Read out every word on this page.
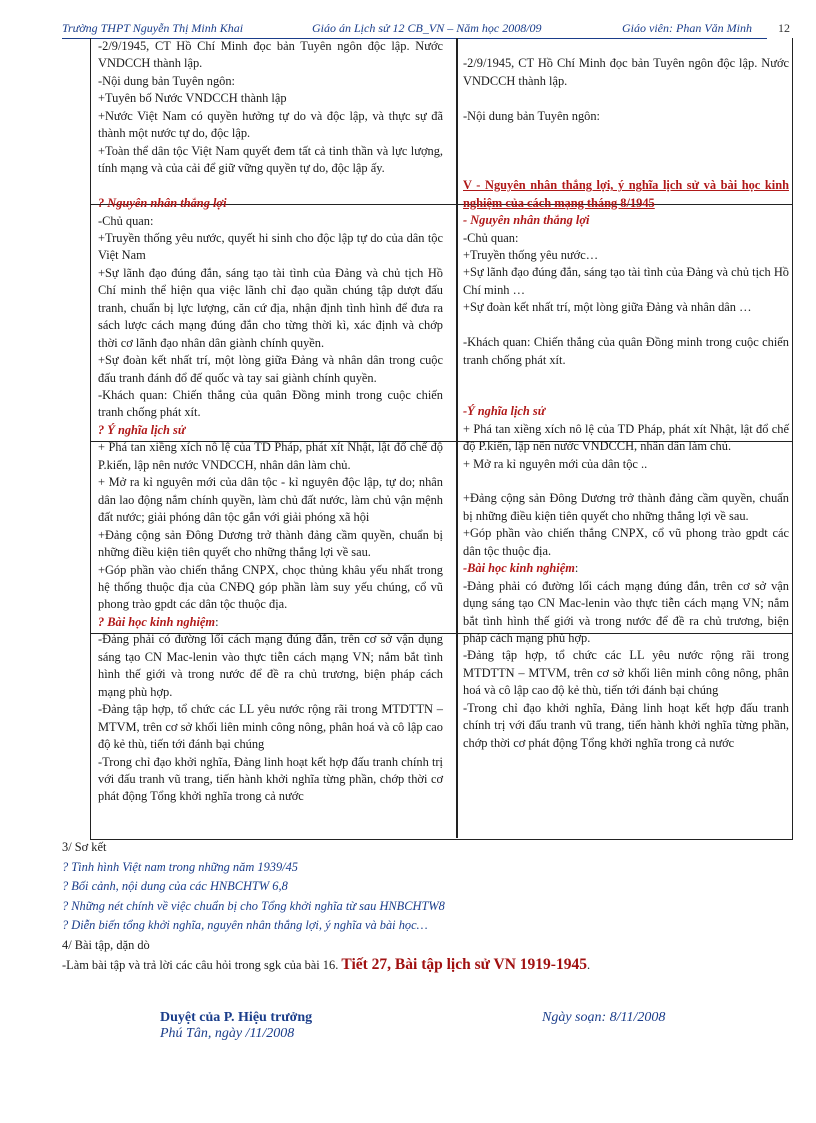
Trường THPT Nguyễn Thị Minh Khai	Giáo án Lịch sử 12 CB_VN – Năm học 2008/09	Giáo viên: Phan Văn Minh 12
-2/9/1945, CT Hồ Chí Minh đọc bản Tuyên ngôn độc lập. Nước VNDCCH thành lập.
-Nội dung bản Tuyên ngôn:
+Tuyên bố Nước VNDCCH thành lập
+Nước Việt Nam có quyền hưởng tự do và độc lập, và thực sự đã thành một nước tự do, độc lập.
+Toàn thể dân tộc Việt Nam quyết đem tất cả tinh thần và lực lượng, tính mạng và của cải để giữ vững quyền tự do, độc lập ấy.
? Nguyên nhân thắng lợi
-Chủ quan:
+Truyền thống yêu nước, quyết hi sinh cho độc lập tự do của dân tộc Việt Nam
+Sự lãnh đạo đúng đắn, sáng tạo tài tình của Đảng và chủ tịch Hồ Chí minh thể hiện qua việc lãnh chỉ đạo quần chúng tập dượt đấu tranh, chuẩn bị lực lượng, căn cứ địa, nhận định tình hình để đưa ra sách lược cách mạng đúng đắn cho từng thời kì, xác định và chớp thời cơ lãnh đạo nhân dân giành chính quyền.
+Sự đoàn kết nhất trí, một lòng giữa Đảng và nhân dân trong cuộc đấu tranh đánh đổ đế quốc và tay sai giành chính quyền.
-Khách quan: Chiến thắng của quân Đồng minh trong cuộc chiến tranh chống phát xít.
? Ý nghĩa lịch sử
+ Phá tan xiềng xích nô lệ của TD Pháp, phát xít Nhật, lật đổ chế độ P.kiến, lập nên nước VNDCCH, nhân dân làm chủ.
+ Mở ra kỉ nguyên mới của dân tộc - kỉ nguyên độc lập, tự do; nhân dân lao động nắm chính quyền, làm chủ đất nước, làm chủ vận mệnh đất nước; giải phóng dân tộc gắn với giải phóng xã hội
+Đảng cộng sản Đông Dương trở thành đảng cầm quyền, chuẩn bị những điều kiện tiên quyết cho những thắng lợi về sau.
+Góp phần vào chiến thắng CNPX, chọc thủng khâu yếu nhất trong hệ thống thuộc địa của CNĐQ góp phần làm suy yếu chúng, cổ vũ phong trào gpdt các dân tộc thuộc địa.
? Bài học kinh nghiệm:
-Đảng phải có đường lối cách mạng đúng đắn, trên cơ sở vận dụng sáng tạo CN Mac-lenin vào thực tiễn cách mạng VN; nắm bắt tình hình thế giới và trong nước để đề ra chủ trương, biện pháp cách mạng phù hợp.
-Đảng tập hợp, tổ chức các LL yêu nước rộng rãi trong MTDTTN – MTVM, trên cơ sở khối liên minh công nông, phân hoá và cô lập cao độ kẻ thù, tiến tới đánh bại chúng
-Trong chỉ đạo khởi nghĩa, Đảng linh hoạt kết hợp đấu tranh chính trị với đấu tranh vũ trang, tiến hành khởi nghĩa từng phần, chớp thời cơ phát động Tổng khởi nghĩa trong cả nước
-2/9/1945, CT Hồ Chí Minh đọc bản Tuyên ngôn độc lập. Nước VNDCCH thành lập.
-Nội dung bản Tuyên ngôn:
V - Nguyên nhân thắng lợi, ý nghĩa lịch sử và bài học kinh nghiệm của cách mạng tháng 8/1945
- Nguyên nhân thắng lợi
-Chủ quan:
+Truyền thống yêu nước…
+Sự lãnh đạo đúng đắn, sáng tạo tài tình của Đảng và chủ tịch Hồ Chí minh …
+Sự đoàn kết nhất trí, một lòng giữa Đảng và nhân dân …
-Khách quan: Chiến thắng của quân Đồng minh trong cuộc chiến tranh chống phát xít.
-Ý nghĩa lịch sử
+ Phá tan xiềng xích nô lệ của TD Pháp, phát xít Nhật, lật đổ chế độ P.kiến, lập nên nước VNDCCH, nhân dân làm chủ.
+ Mở ra kỉ nguyên mới của dân tộc ..
+Đảng cộng sản Đông Dương trở thành đảng cầm quyền, chuẩn bị những điều kiện tiên quyết cho những thắng lợi về sau.
+Góp phần vào chiến thắng CNPX, cổ vũ phong trào gpdt các dân tộc thuộc địa.
-Bài học kinh nghiệm:
-Đảng phải có đường lối cách mạng đúng đắn, trên cơ sở vận dụng sáng tạo CN Mac-lenin vào thực tiễn cách mạng VN; nắm bắt tình hình thế giới và trong nước để đề ra chủ trương, biện pháp cách mạng phù hợp.
-Đảng tập hợp, tổ chức các LL yêu nước rộng rãi trong MTDTTN – MTVM, trên cơ sở khối liên minh công nông, phân hoá và cô lập cao độ kẻ thù, tiến tới đánh bại chúng
-Trong chỉ đạo khởi nghĩa, Đảng linh hoạt kết hợp đấu tranh chính trị với đấu tranh vũ trang, tiến hành khởi nghĩa từng phần, chớp thời cơ phát động Tổng khởi nghĩa trong cả nước
3/ Sơ kết
? Tình hình Việt nam trong những năm 1939/45
? Bối cảnh, nội dung của các HNBCHTW 6,8
? Những nét chính về việc chuẩn bị cho Tổng khởi nghĩa từ sau HNBCHTW8
? Diễn biến tổng khởi nghĩa, nguyên nhân thắng lợi, ý nghĩa và bài học…
4/ Bài tập, dặn dò
-Làm bài tập và trả lời các câu hỏi trong sgk của bài 16. Tiết 27, Bài tập lịch sử VN 1919-1945.
Duyệt của P. Hiệu trưởng
Phú Tân, ngày /11/2008
Ngày soạn: 8/11/2008
